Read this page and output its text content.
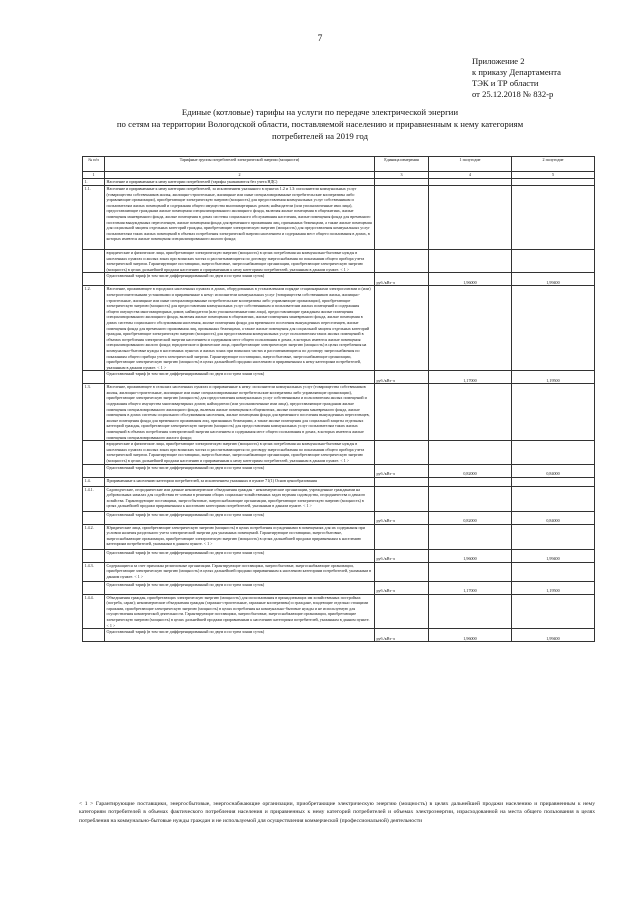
7
Приложение 2
к приказу Департамента
ТЭК и ТР области
от 25.12.2018 № 832-р
Единые (котловые) тарифы на услуги по передаче электрической энергии
по сетям на территории Вологодской области, поставляемой населению и приравненным к нему категориям
потребителей на 2019 год
№ п/п	Тарифные группы потребителей электрической энергии (мощности)	Единица измерения	1 полугодие	2 полугодие
1	2	3	4	5
1.	Население и приравненные к нему категории потребителей (тарифы указываются без учета НДС)			
1.1.	Население и приравненные к нему категории потребителей, за исключением указанного в пунктах 1.2 и 1.3: исполнители коммунальных услуг (товарищества собственников жилья, жилищно-строительные, жилищные или иные специализированные потребительские кооперативы либо управляющие организации), приобретающие электрическую энергию (мощность) для предоставления коммунальных услуг собственникам и пользователям жилых помещений и содержания общего имущества многоквартирных домов; наймодатели (или уполномоченные ими лица), предоставляющие гражданам жилые помещения специализированного жилищного фонда, включая жилые помещения в общежитиях, жилые помещения маневренного фонда, жилые помещения в домах системы социального обслуживания населения, жилые помещения фонда для временного поселения вынужденных переселенцев, жилые помещения фонда для временного проживания лиц, признанных беженцами, а также жилые помещения для социальной защиты отдельных категорий граждан, приобретающие электрическую энергию (мощность) для предоставления коммунальных услуг пользователям таких жилых помещений в объемах потребления электрической энергии населением и содержания мест общего пользования в домах, в которых имеются жилые помещения специализированного жилого фонда;			
	юридические и физические лица, приобретающие электрическую энергию (мощность) в целях потребления на коммунально-бытовые нужды в населенных пунктах и жилых зонах при воинских частях и рассчитывающиеся по договору энергоснабжения по показаниям общего прибора учета электрической энергии. Гарантирующие поставщики, энергосбытовые, энергоснабжающие организации, приобретающие электрическую энергию (мощность) в целях дальнейшей продажи населению и приравненным к нему категориям потребителей, указанным в данном пункте. < 1 >			
	Одноставочный тариф (в том числе дифференцированный по двум и по трем зонам суток)	руб./кВт·ч	1,96000	1,99400
1.2.	Население, проживающее в городских населенных пунктах в домах, оборудованных в установленном порядке стационарными электроплитами и (или) электроотопительными установками и приравненные к нему: исполнители коммунальных услуг (товарищества собственников жилья, жилищно-строительные, жилищные или иные специализированные потребительские кооперативы либо управляющие организации), приобретающие электрическую энергию (мощность) для предоставления коммунальных услуг собственникам и пользователям жилых помещений и содержания общего имущества многоквартирных домов; наймодатели (или уполномоченные ими лица), предоставляющие гражданам жилые помещения специализированного жилищного фонда, включая жилые помещения в общежитиях, жилые помещения маневренного фонда, жилые помещения в домах системы социального обслуживания населения, жилые помещения фонда для временного поселения вынужденных переселенцев, жилые помещения фонда для временного проживания лиц, признанных беженцами, а также жилые помещения для социальной защиты отдельных категорий граждан, приобретающие электрическую энергию (мощность) для предоставления коммунальных услуг пользователям таких жилых помещений в объемах потребления электрической энергии населением и содержания мест общего пользования в домах, в которых имеются жилые помещения специализированного жилого фонда; юридические и физические лица, приобретающие электрическую энергию (мощность) в целях потребления на коммунально-бытовые нужды в населенных пунктах и жилых зонах при воинских частях и рассчитывающиеся по договору энергоснабжения по показаниям общего прибора учета электрической энергии. Гарантирующие поставщики, энергосбытовые, энергоснабжающие организации, приобретающие электрическую энергию (мощность) в целях дальнейшей продажи населению и приравненным к нему категориям потребителей, указанным в данном пункте. < 1 >			
	Одноставочный тариф (в том числе дифференцированный по двум и по трем зонам суток)	руб./кВт·ч	1,17000	1,19500
1.3.	Население, проживающее в сельских населенных пунктах и приравненные к нему: исполнители коммунальных услуг (товарищества собственников жилья, жилищно-строительные, жилищные или иные специализированные потребительские кооперативы либо управляющие организации), приобретающие электрическую энергию (мощность) для предоставления коммунальных услуг собственникам и пользователям жилых помещений и содержания общего имущества многоквартирных домов; наймодатели (или уполномоченные ими лица), предоставляющие гражданам жилые помещения специализированного жилищного фонда, включая жилые помещения в общежитиях, жилые помещения маневренного фонда, жилые помещения в домах системы социального обслуживания населения, жилые помещения фонда для временного поселения вынужденных переселенцев, жилые помещения фонда для временного проживания лиц, признанных беженцами, а также жилые помещения для социальной защиты отдельных категорий граждан, приобретающие электрическую энергию (мощность) для предоставления коммунальных услуг пользователям таких жилых помещений в объемах потребления электрической энергии населением и содержания мест общего пользования в домах, в которых имеются жилые помещения специализированного жилого фонда;			
	юридические и физические лица, приобретающие электрическую энергию (мощность) в целях потребления на коммунально-бытовые нужды в населенных пунктах и жилых зонах при воинских частях и рассчитывающиеся по договору энергоснабжения по показаниям общего прибора учета электрической энергии. Гарантирующие поставщики, энергосбытовые, энергоснабжающие организации, приобретающие электрическую энергию (мощность) в целях дальнейшей продажи населению и приравненным к нему категориям потребителей, указанным в данном пункте. < 1 >			
	Одноставочный тариф (в том числе дифференцированный по двум и по трем зонам суток)	руб./кВт·ч	0,82000	0,84000
1.4.	Приравненные к населению категории потребителей, за исключением указанных в пункте 71(1) Основ ценообразования			
1.4.1.	Садоводческие, огороднические или дачные некоммерческие объединения граждан - некоммерческие организации, учрежденные гражданами на добровольных началах для содействия ее членам в решении общих социально-хозяйственных задач ведения садоводства, огородничества и дачного хозяйства. Гарантирующие поставщики, энергосбытовые, энергоснабжающие организации, приобретающие электрическую энергию (мощность) в целях дальнейшей продажи приравненным к населению категориям потребителей, указанным в данном пункте. < 1 >			
	Одноставочный тариф (в том числе дифференцированный по двум и по трем зонам суток)	руб./кВт·ч	0,82000	0,84000
1.4.2.	Юридические лица, приобретающие электрическую энергию (мощность) в целях потребления осужденными в помещениях для их содержания при условии наличия раздельного учета электрической энергии для указанных помещений. Гарантирующие поставщики, энергосбытовые, энергоснабжающие организации, приобретающие электрическую энергию (мощность) в целях дальнейшей продажи приравненным к населению категориям потребителей, указанным в данном пункте. < 1 >			
	Одноставочный тариф (в том числе дифференцированный по двум и по трем зонам суток)	руб./кВт·ч	1,96000	1,99400
1.4.3.	Содержащиеся за счет прихожан религиозные организации. Гарантирующие поставщики, энергосбытовые, энергоснабжающие организации, приобретающие электрическую энергию (мощность) в целях дальнейшей продажи приравненным к населению категориям потребителей, указанным в данном пункте. < 1 >			
	Одноставочный тариф (в том числе дифференцированный по двум и по трем зонам суток)	руб./кВт·ч	1,17000	1,19500
1.4.4.	Объединения граждан, приобретающих электрическую энергию (мощность) для использования в принадлежащих им хозяйственных постройках (погреба, сараи); некоммерческие объединения граждан (гаражно-строительные, гаражные кооперативы) и граждане, владеющие отдельно стоящими гаражами, приобретающие электрическую энергию (мощность) в целях потребления на коммунально-бытовые нужды и не используемую для осуществления коммерческой деятельности. Гарантирующие поставщики, энергосбытовые, энергоснабжающие организации, приобретающие электрическую энергию (мощность) в целях дальнейшей продажи приравненным к населению категориям потребителей, указанным в данном пункте. < 1 >			
	Одноставочный тариф (в том числе дифференцированный по двум и по трем зонам суток)	руб./кВт·ч	1,96000	1,99400
< 1 > Гарантирующие поставщики, энергосбытовые, энергоснабжающие организации, приобретающие электрическую энергию (мощность) в целях дальнейшей продажи населению и приравненным к нему категориям потребителей в объемах фактического потребления населения и приравненных к нему категорий потребителей и объемах электроэнергии, израсходованной на места общего пользования в целях потребления на коммунально-бытовые нужды граждан и не используемой для осуществления коммерческой (профессиональной) деятельности
